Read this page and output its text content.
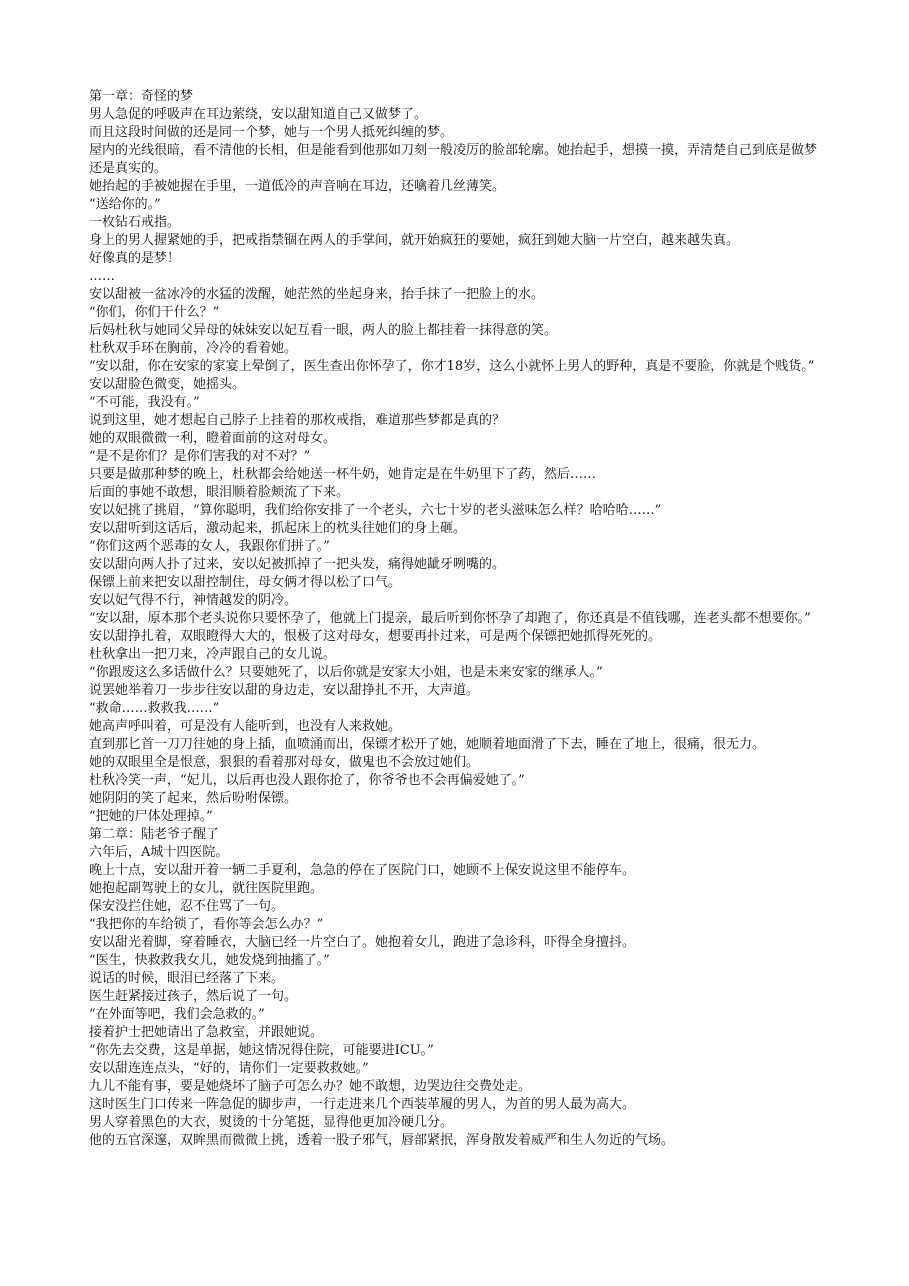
第一章：奇怪的梦

男人急促的呼吸声在耳边萦绕，安以甜知道自己又做梦了。

而且这段时间做的还是同一个梦，她与一个男人抵死纠缠的梦。

屋内的光线很暗，看不清他的长相，但是能看到他那如刀刻一般凌厉的脸部轮廓。她抬起手，想摸一摸，弄清楚自己到底是做梦还是真实的。

她抬起的手被她握在手里，一道低冷的声音响在耳边，还噙着几丝薄笑。

“送给你的。”

一枚钻石戒指。

身上的男人握紧她的手，把戒指禁锢在两人的手掌间，就开始疯狂的要她，疯狂到她大脑一片空白，越来越失真。

好像真的是梦！

……

安以甜被一盆冰冷的水猛的泼醒，她茫然的坐起身来，抬手抹了一把脸上的水。

“你们，你们干什么？”

后妈杜秋与她同父异母的妹妹安以妃互看一眼，两人的脸上都挂着一抹得意的笑。

杜秋双手环在胸前，冷冷的看着她。

“安以甜，你在安家的家宴上晕倒了，医生查出你怀孕了，你才18岁，这么小就怀上男人的野种，真是不要脸，你就是个贱货。”

安以甜脸色微变，她摇头。

“不可能，我没有。”

说到这里，她才想起自己脖子上挂着的那枚戒指，难道那些梦都是真的？

她的双眼微微一利，瞪着面前的这对母女。

“是不是你们？是你们害我的对不对？”

只要是做那种梦的晚上，杜秋都会给她送一杯牛奶，她肯定是在牛奶里下了药，然后……

后面的事她不敢想，眼泪顺着脸颊流了下来。

安以妃挑了挑眉，“算你聪明，我们给你安排了一个老头，六七十岁的老头滋味怎么样？哈哈哈……”

安以甜听到这话后，激动起来，抓起床上的枕头往她们的身上砸。

“你们这两个恶毒的女人，我跟你们拼了。”

安以甜向两人扑了过来，安以妃被抓掉了一把头发，痛得她龇牙咧嘴的。

保镖上前来把安以甜控制住，母女俩才得以松了口气。

安以妃气得不行，神情越发的阴冷。

“安以甜，原本那个老头说你只要怀孕了，他就上门提亲，最后听到你怀孕了却跑了，你还真是不值钱哪，连老头都不想要你。”

安以甜挣扎着，双眼瞪得大大的，恨极了这对母女，想要再扑过来，可是两个保镖把她抓得死死的。

杜秋拿出一把刀来，冷声跟自己的女儿说。

“你跟废这么多话做什么？只要她死了，以后你就是安家大小姐，也是未来安家的继承人。”

说罢她举着刀一步步往安以甜的身边走，安以甜挣扎不开，大声道。

“救命……救救我……”

她高声呼叫着，可是没有人能听到，也没有人来救她。

直到那匕首一刀刀往她的身上插，血喷涌而出，保镖才松开了她，她顺着地面滑了下去，睡在了地上，很痛，很无力。

她的双眼里全是恨意，狠狠的看着那对母女，做鬼也不会放过她们。

杜秋冷笑一声，“妃儿，以后再也没人跟你抢了，你爷爷也不会再偏爱她了。”

她阴阴的笑了起来，然后吩咐保镖。

“把她的尸体处理掉。”

第二章：陆老爷子醒了

六年后，A城十四医院。

晚上十点，安以甜开着一辆二手夏利，急急的停在了医院门口，她顾不上保安说这里不能停车。

她抱起副驾驶上的女儿，就往医院里跑。

保安没拦住她，忍不住骂了一句。

“我把你的车给锁了，看你等会怎么办？”

安以甜光着脚，穿着睡衣，大脑已经一片空白了。她抱着女儿，跑进了急诊科，吓得全身擅抖。

“医生，快救救我女儿，她发烧到抽搐了。”

说话的时候，眼泪已经落了下来。

医生赶紧接过孩子，然后说了一句。

“在外面等吧，我们会急救的。”

接着护士把她请出了急救室，并跟她说。

“你先去交费，这是单据，她这情况得住院，可能要进ICU。”

安以甜连连点头，“好的，请你们一定要救救她。”

九儿不能有事，要是她烧坏了脑子可怎么办？她不敢想，边哭边往交费处走。

这时医生门口传来一阵急促的脚步声，一行走进来几个西装革履的男人，为首的男人最为高大。

男人穿着黑色的大衣，熨烫的十分笔挺，显得他更加冷硬几分。

他的五官深邃，双眸黑而微微上挑，透着一股子邪气，唇部紧抿，浑身散发着威严和生人勿近的气场。
